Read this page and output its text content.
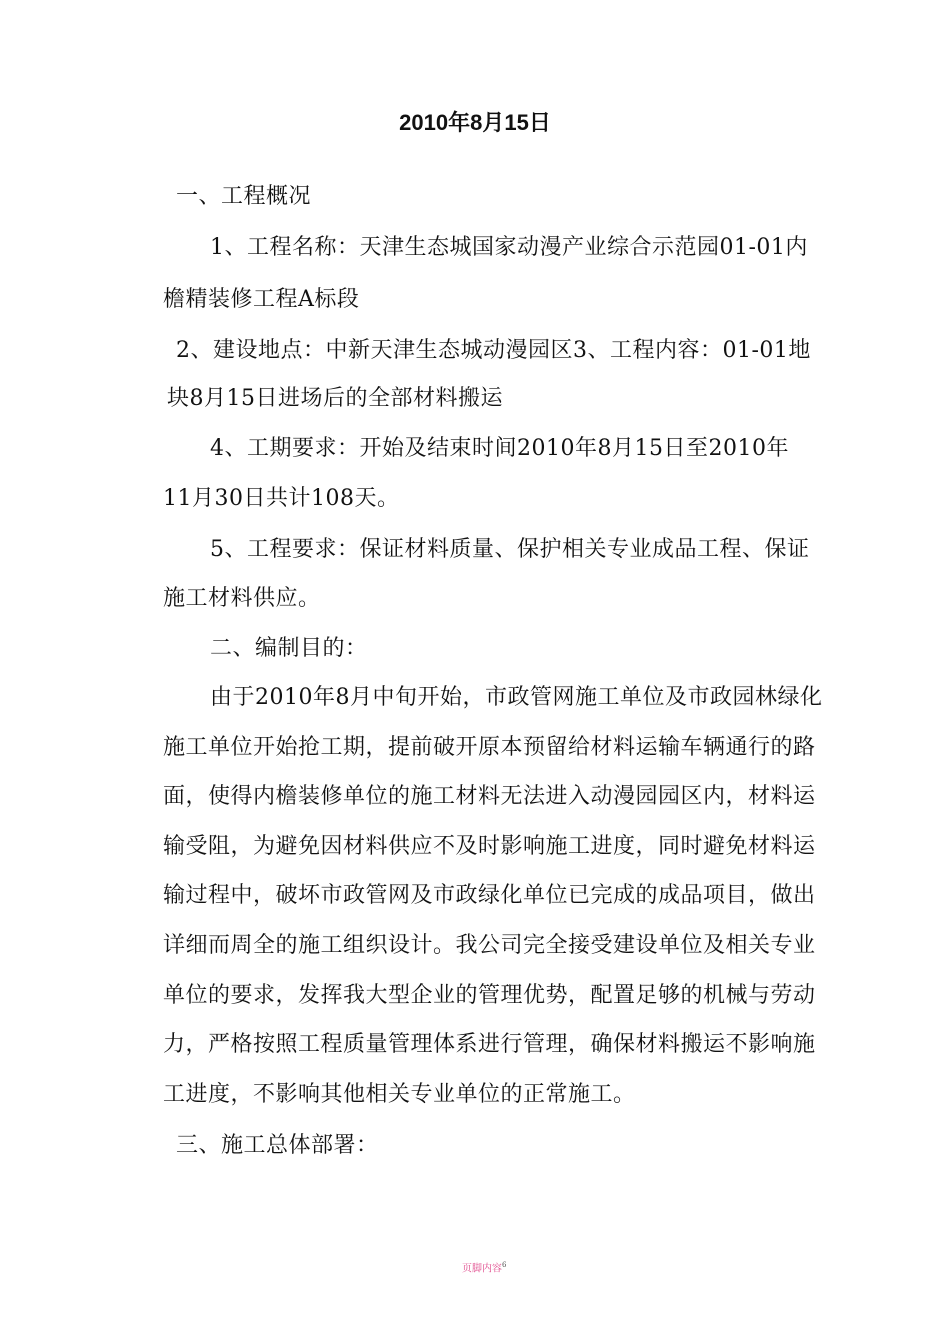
2010年8月15日
一、工程概况
1、工程名称：天津生态城国家动漫产业综合示范园01-01内
檐精装修工程A标段
2、建设地点：中新天津生态城动漫园区3、工程内容：01-01地
块8月15日进场后的全部材料搬运
4、工期要求：开始及结束时间2010年8月15日至2010年
11月30日共计108天。
5、工程要求：保证材料质量、保护相关专业成品工程、保证
施工材料供应。
二、编制目的：
由于2010年8月中旬开始，市政管网施工单位及市政园林绿化
施工单位开始抢工期，提前破开原本预留给材料运输车辆通行的路
面，使得内檐装修单位的施工材料无法进入动漫园园区内，材料运
输受阻，为避免因材料供应不及时影响施工进度，同时避免材料运
输过程中，破坏市政管网及市政绿化单位已完成的成品项目，做出
详细而周全的施工组织设计。我公司完全接受建设单位及相关专业
单位的要求，发挥我大型企业的管理优势，配置足够的机械与劳动
力，严格按照工程质量管理体系进行管理，确保材料搬运不影响施
工进度，不影响其他相关专业单位的正常施工。
三、施工总体部署：
页脚内容$^6$
